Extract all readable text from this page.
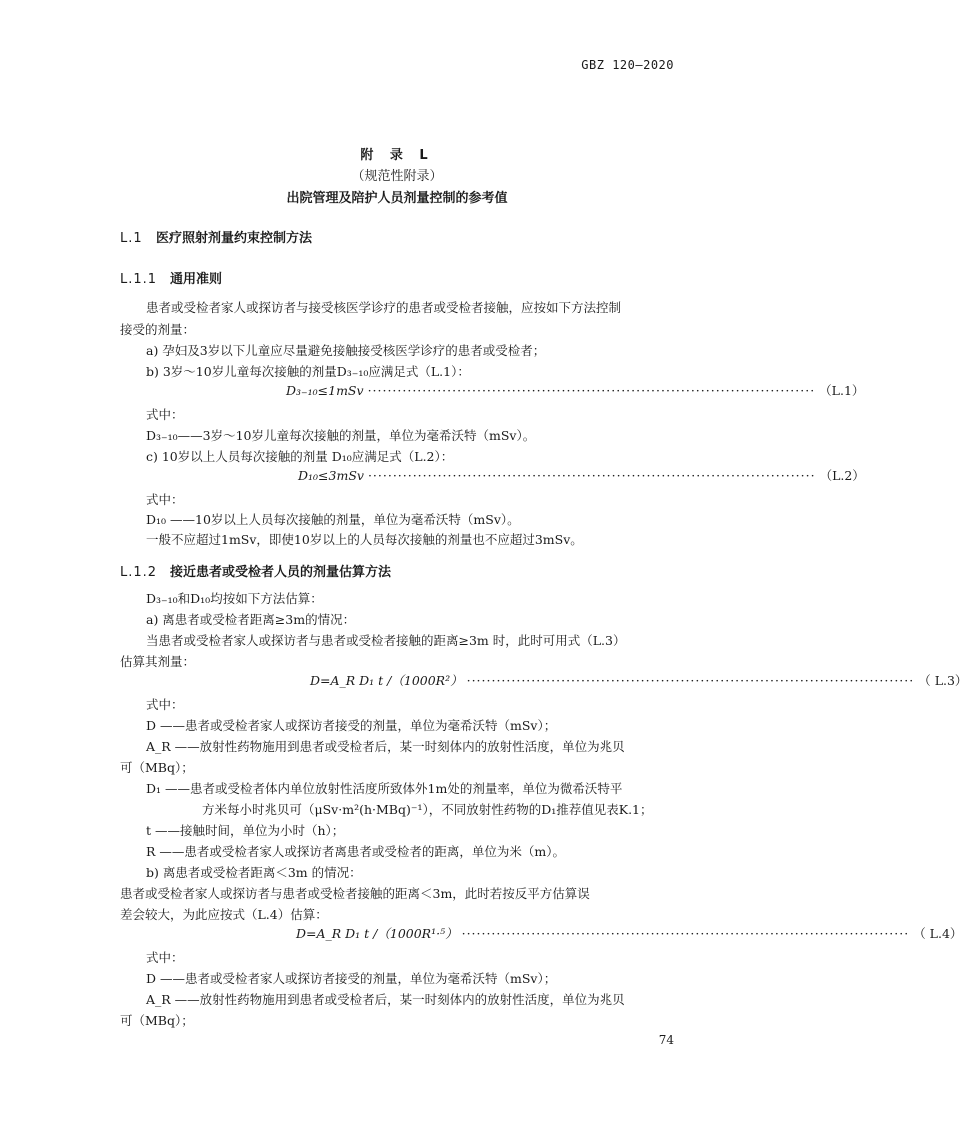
GBZ 120—2020
附 录 L
（规范性附录）
出院管理及陪护人员剂量控制的参考值
L.1 医疗照射剂量约束控制方法
L.1.1 通用准则
患者或受检者家人或探访者与接受核医学诊疗的患者或受检者接触，应按如下方法控制
接受的剂量：
a) 孕妇及3岁以下儿童应尽量避免接触接受核医学诊疗的患者或受检者；
b) 3岁～10岁儿童每次接触的剂量D₃₋₁₀应满足式（L.1）：
D₃₋₁₀≤1mSv ·························································································· （L.1）
式中：
D₃₋₁₀——3岁～10岁儿童每次接触的剂量，单位为毫希沃特（mSv）。
c) 10岁以上人员每次接触的剂量 D₁₀应满足式（L.2）：
D₁₀≤3mSv ·························································································· （L.2）
式中：
D₁₀ ——10岁以上人员每次接触的剂量，单位为毫希沃特（mSv）。
一般不应超过1mSv，即使10岁以上的人员每次接触的剂量也不应超过3mSv。
L.1.2 接近患者或受检者人员的剂量估算方法
D₃₋₁₀和D₁₀均按如下方法估算：
a) 离患者或受检者距离≥3m的情况：
当患者或受检者家人或探访者与患者或受检者接触的距离≥3m 时，此时可用式（L.3）
估算其剂量：
D=A_R D₁ t /（1000R²） ·························································································· （ L.3）
式中：
D ——患者或受检者家人或探访者接受的剂量，单位为毫希沃特（mSv）；
A_R ——放射性药物施用到患者或受检者后，某一时刻体内的放射性活度，单位为兆贝
可（MBq）；
D₁ ——患者或受检者体内单位放射性活度所致体外1m处的剂量率，单位为微希沃特平
方米每小时兆贝可（μSv·m²(h·MBq)⁻¹），不同放射性药物的D₁推荐值见表K.1；
t ——接触时间，单位为小时（h）；
R ——患者或受检者家人或探访者离患者或受检者的距离，单位为米（m）。
b) 离患者或受检者距离＜3m 的情况：
患者或受检者家人或探访者与患者或受检者接触的距离＜3m，此时若按反平方估算误
差会较大，为此应按式（L.4）估算：
D=A_R D₁ t /（1000R¹·⁵） ·························································································· （ L.4）
式中：
D ——患者或受检者家人或探访者接受的剂量，单位为毫希沃特（mSv）；
A_R ——放射性药物施用到患者或受检者后，某一时刻体内的放射性活度，单位为兆贝
可（MBq）；
74
